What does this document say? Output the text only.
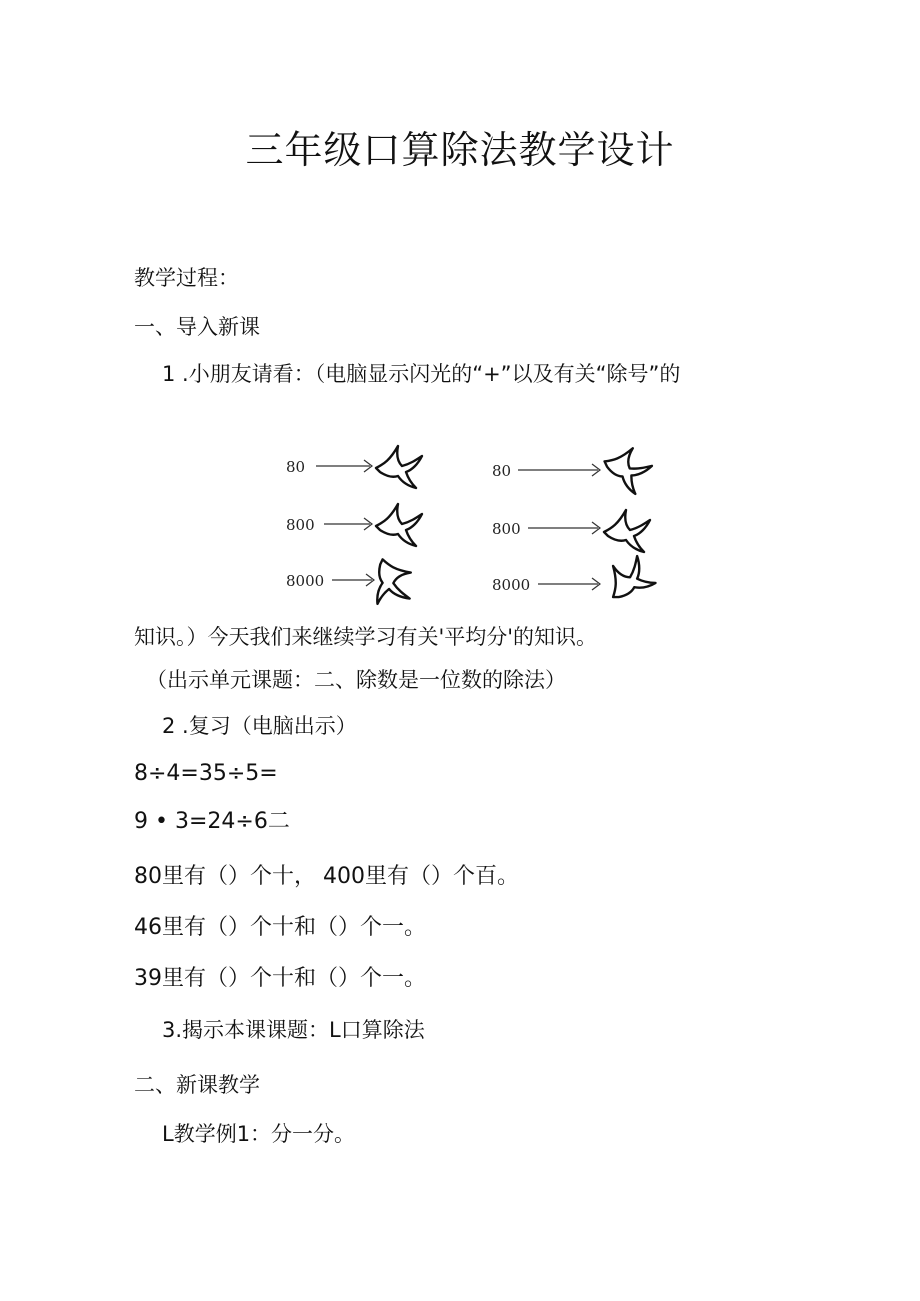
三年级口算除法教学设计
教学过程：
一、导入新课
1 .小朋友请看：（电脑显示闪光的“+”以及有关“除号”的
80
800
8000
80
800
8000
知识。）今天我们来继续学习有关'平均分'的知识。
（出示单元课题：二、除数是一位数的除法）
2 .复习（电脑出示）
8÷4=35÷5=
9 • 3=24÷6二
80里有（）个十， 400里有（）个百。
46里有（）个十和（）个一。
39里有（）个十和（）个一。
3.揭示本课课题：L口算除法
二、新课教学
L教学例1：分一分。
